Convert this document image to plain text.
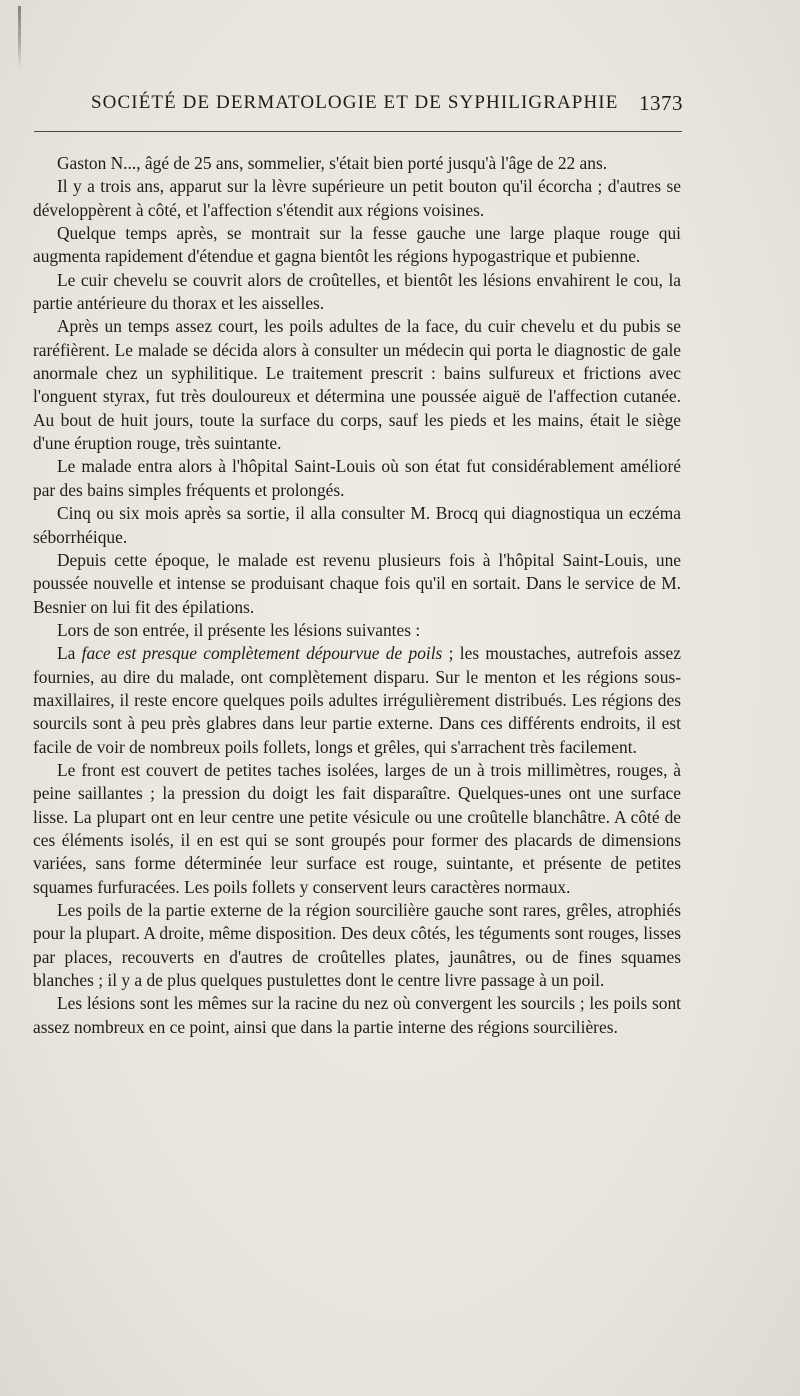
SOCIÉTÉ DE DERMATOLOGIE ET DE SYPHILIGRAPHIE 1373

Gaston N..., âgé de 25 ans, sommelier, s'était bien porté jusqu'à l'âge de 22 ans.

Il y a trois ans, apparut sur la lèvre supérieure un petit bouton qu'il écorcha ; d'autres se développèrent à côté, et l'affection s'étendit aux régions voisines.

Quelque temps après, se montrait sur la fesse gauche une large plaque rouge qui augmenta rapidement d'étendue et gagna bientôt les régions hypogastrique et pubienne.

Le cuir chevelu se couvrit alors de croûtelles, et bientôt les lésions envahirent le cou, la partie antérieure du thorax et les aisselles.

Après un temps assez court, les poils adultes de la face, du cuir chevelu et du pubis se raréfièrent. Le malade se décida alors à consulter un médecin qui porta le diagnostic de gale anormale chez un syphilitique. Le traitement prescrit : bains sulfureux et frictions avec l'onguent styrax, fut très douloureux et détermina une poussée aiguë de l'affection cutanée. Au bout de huit jours, toute la surface du corps, sauf les pieds et les mains, était le siège d'une éruption rouge, très suintante.

Le malade entra alors à l'hôpital Saint-Louis où son état fut considérablement amélioré par des bains simples fréquents et prolongés.

Cinq ou six mois après sa sortie, il alla consulter M. Brocq qui diagnostiqua un eczéma séborrhéique.

Depuis cette époque, le malade est revenu plusieurs fois à l'hôpital Saint-Louis, une poussée nouvelle et intense se produisant chaque fois qu'il en sortait. Dans le service de M. Besnier on lui fit des épilations.

Lors de son entrée, il présente les lésions suivantes :

La face est presque complètement dépourvue de poils ; les moustaches, autrefois assez fournies, au dire du malade, ont complètement disparu. Sur le menton et les régions sous-maxillaires, il reste encore quelques poils adultes irrégulièrement distribués. Les régions des sourcils sont à peu près glabres dans leur partie externe. Dans ces différents endroits, il est facile de voir de nombreux poils follets, longs et grêles, qui s'arrachent très facilement.

Le front est couvert de petites taches isolées, larges de un à trois millimètres, rouges, à peine saillantes ; la pression du doigt les fait disparaître. Quelques-unes ont une surface lisse. La plupart ont en leur centre une petite vésicule ou une croûtelle blanchâtre. A côté de ces éléments isolés, il en est qui se sont groupés pour former des placards de dimensions variées, sans forme déterminée leur surface est rouge, suintante, et présente de petites squames furfuracées. Les poils follets y conservent leurs caractères normaux.

Les poils de la partie externe de la région sourcilière gauche sont rares, grêles, atrophiés pour la plupart. A droite, même disposition. Des deux côtés, les téguments sont rouges, lisses par places, recouverts en d'autres de croûtelles plates, jaunâtres, ou de fines squames blanches ; il y a de plus quelques pustulettes dont le centre livre passage à un poil.

Les lésions sont les mêmes sur la racine du nez où convergent les sourcils ; les poils sont assez nombreux en ce point, ainsi que dans la partie interne des régions sourcilières.
